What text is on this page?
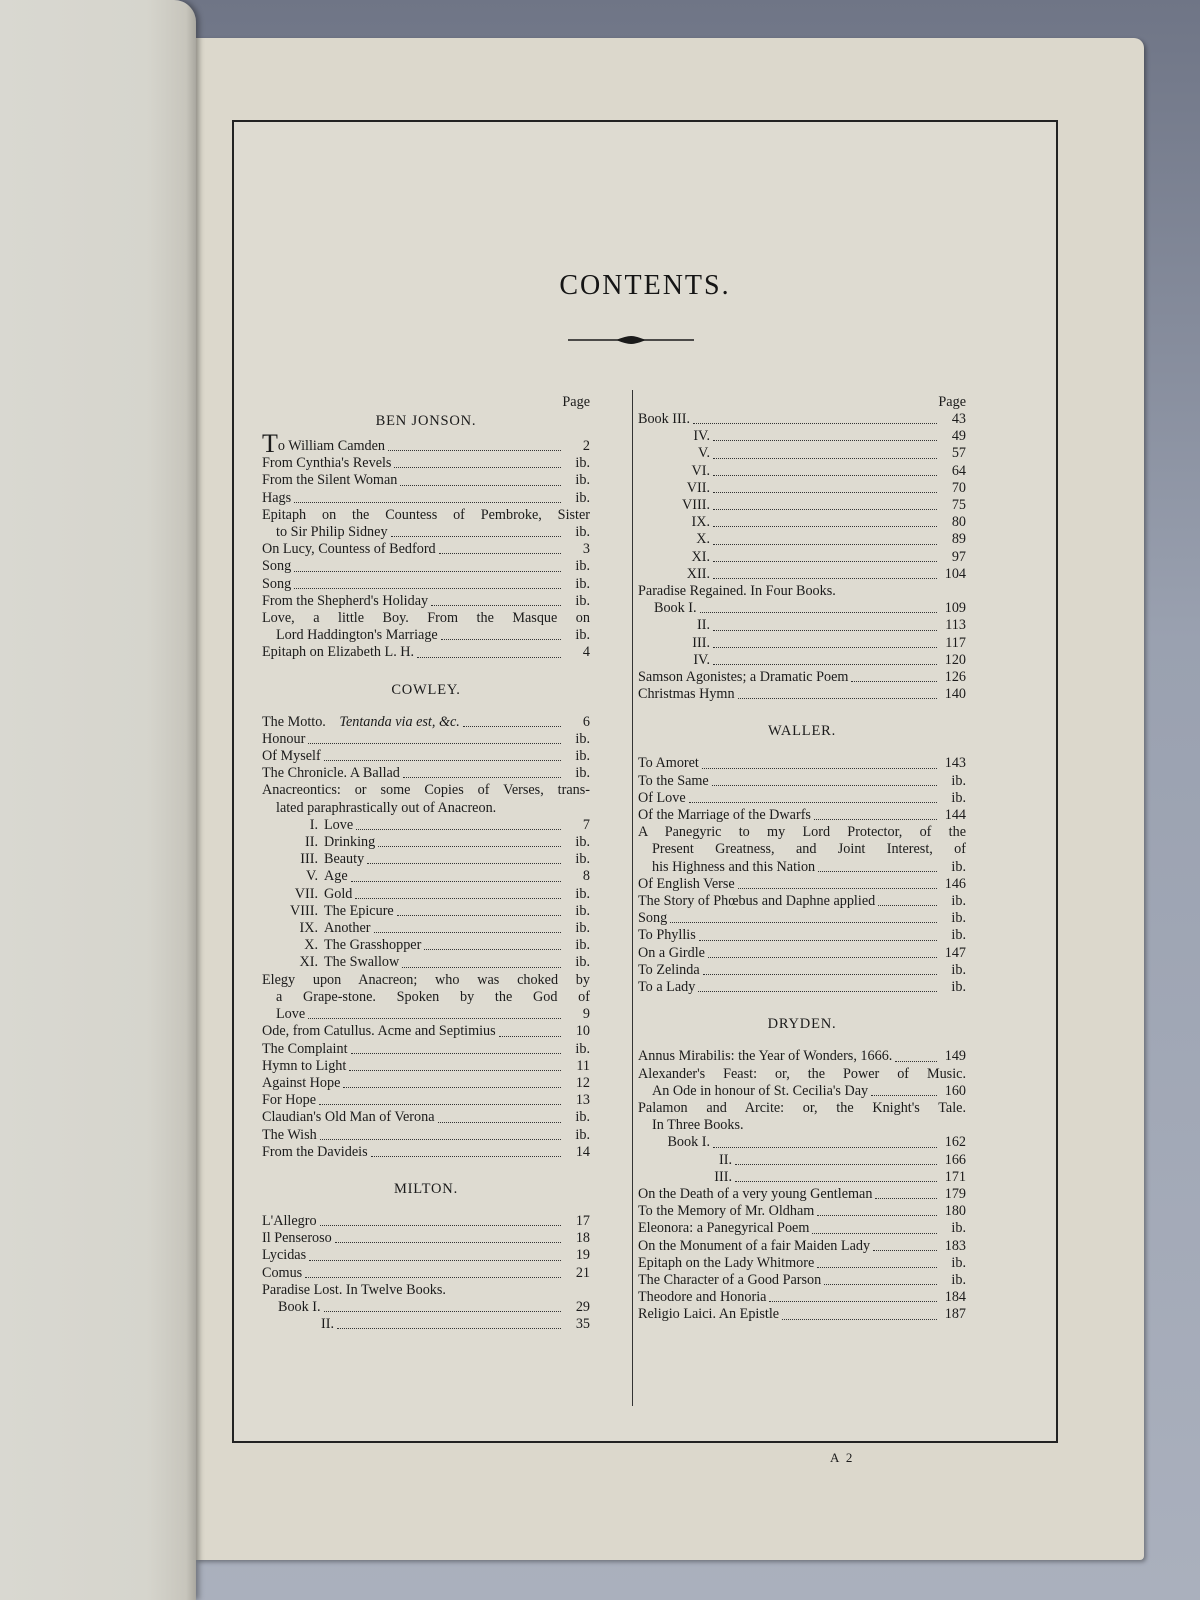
CONTENTS.
Page
BEN JONSON.
To William Camden	2
From Cynthia's Revels	ib.
From the Silent Woman	ib.
Hags	ib.
Epitaph on the Countess of Pembroke, Sister
to Sir Philip Sidney	ib.
On Lucy, Countess of Bedford	3
Song	ib.
Song	ib.
From the Shepherd's Holiday	ib.
Love, a little Boy. From the Masque on
Lord Haddington's Marriage	ib.
Epitaph on Elizabeth L. H.	4
COWLEY.
The Motto. Tentanda via est, &c.	6
Honour	ib.
Of Myself	ib.
The Chronicle. A Ballad	ib.
Anacreontics: or some Copies of Verses, trans-
lated paraphrastically out of Anacreon.
I. Love	7
II. Drinking	ib.
III. Beauty	ib.
V. Age	8
VII. Gold	ib.
VIII. The Epicure	ib.
IX. Another	ib.
X. The Grasshopper	ib.
XI. The Swallow	ib.
Elegy upon Anacreon; who was choked by
a Grape-stone. Spoken by the God of
Love	9
Ode, from Catullus. Acme and Septimius	10
The Complaint	ib.
Hymn to Light	11
Against Hope	12
For Hope	13
Claudian's Old Man of Verona	ib.
The Wish	ib.
From the Davideis	14
MILTON.
L'Allegro	17
Il Penseroso	18
Lycidas	19
Comus	21
Paradise Lost. In Twelve Books.
Book I.	29
II.	35
Page
Book III.	43
IV.	49
V.	57
VI.	64
VII.	70
VIII.	75
IX.	80
X.	89
XI.	97
XII.	104
Paradise Regained. In Four Books.
Book I.	109
II.	113
III.	117
IV.	120
Samson Agonistes; a Dramatic Poem	126
Christmas Hymn	140
WALLER.
To Amoret	143
To the Same	ib.
Of Love	ib.
Of the Marriage of the Dwarfs	144
A Panegyric to my Lord Protector, of the
Present Greatness, and Joint Interest, of
his Highness and this Nation	ib.
Of English Verse	146
The Story of Phœbus and Daphne applied	ib.
Song	ib.
To Phyllis	ib.
On a Girdle	147
To Zelinda	ib.
To a Lady	ib.
DRYDEN.
Annus Mirabilis: the Year of Wonders, 1666.	149
Alexander's Feast: or, the Power of Music.
An Ode in honour of St. Cecilia's Day	160
Palamon and Arcite: or, the Knight's Tale.
In Three Books.
Book I.	162
II.	166
III.	171
On the Death of a very young Gentleman	179
To the Memory of Mr. Oldham	180
Eleonora: a Panegyrical Poem	ib.
On the Monument of a fair Maiden Lady	183
Epitaph on the Lady Whitmore	ib.
The Character of a Good Parson	ib.
Theodore and Honoria	184
Religio Laici. An Epistle	187
A 2
